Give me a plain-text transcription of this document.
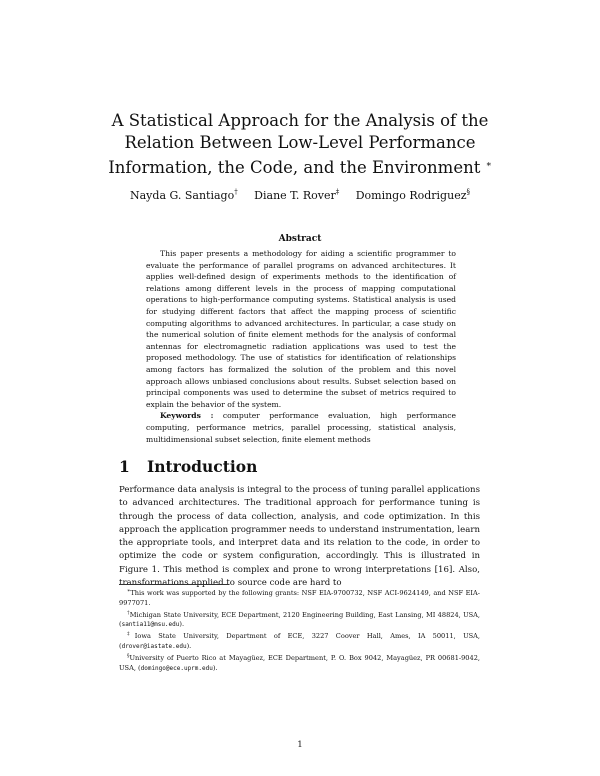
A Statistical Approach for the Analysis of the
Relation Between Low-Level Performance
Information, the Code, and the Environment ∗
Nayda G. Santiago† Diane T. Rover‡ Domingo Rodriguez§
Abstract

This paper presents a methodology for aiding a scientific programmer to evaluate the performance of parallel programs on advanced architectures. It applies well-defined design of experiments methods to the identification of relations among different levels in the process of mapping computational operations to high-performance computing systems. Statistical analysis is used for studying different factors that affect the mapping process of scientific computing algorithms to advanced architectures. In particular, a case study on the numerical solution of finite element methods for the analysis of conformal antennas for electromagnetic radiation applications was used to test the proposed methodology. The use of statistics for identification of relationships among factors has formalized the solution of the problem and this novel approach allows unbiased conclusions about results. Subset selection based on principal components was used to determine the subset of metrics required to explain the behavior of the system.

Keywords : computer performance evaluation, high performance computing, performance metrics, parallel processing, statistical analysis, multidimensional subset selection, finite element methods

1 Introduction

Performance data analysis is integral to the process of tuning parallel applications to advanced architectures. The traditional approach for performance tuning is through the process of data collection, analysis, and code optimization. In this approach the application programmer needs to understand instrumentation, learn the appropriate tools, and interpret data and its relation to the code, in order to optimize the code or system configuration, accordingly. This is illustrated in Figure 1. This method is complex and prone to wrong interpretations [16]. Also, transformations applied to source code are hard to

∗This work was supported by the following grants: NSF EIA-9700732, NSF ACI-9624149, and NSF EIA-9977071.

†Michigan State University, ECE Department, 2120 Engineering Building, East Lansing, MI 48824, USA, (santia11@msu.edu).

‡Iowa State University, Department of ECE, 3227 Coover Hall, Ames, IA 50011, USA, (drover@iastate.edu).

§University of Puerto Rico at Mayagüez, ECE Department, P. O. Box 9042, Mayagüez, PR 00681-9042, USA, (domingo@ece.uprm.edu).

1
